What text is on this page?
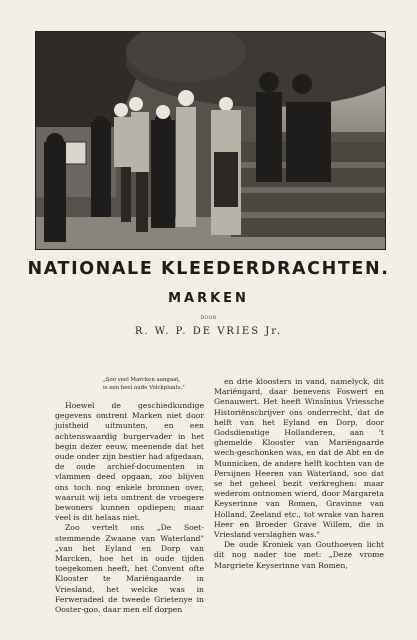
NATIONALE KLEEDERDRACHTEN.
MARKEN
DOOR
R. W. P. DE VRIES Jr.
„Soo veel Marcken aangaat,
is een heel oude Volckplants."

Hoewel de geschiedkundige gegevens omtrent Marken niet door juistheid uitmunten, en een achtenswaardig burgervader in het begin dezer eeuw, meenende dat het oude onder zijn bestier had afgedaan, de oude archief-documenten in vlammen deed opgaan, zoo blijven ons toch nog enkele bronnen over, waaruit wij iets omtrent de vroegere bewoners kunnen opdiepen; maar veel is dit helaas niet.

Zoo vertelt ons „De Soet-stemmende Zwaane van Waterland" „van het Eyland en Dorp van Marcken, hoe het in oude tijden toegekomen heeft, het Convent ofte Klooster te Mariëngaarde in Vriesland, het welcke was in Ferweradeel de tweede Grietenye in Ooster-goo, daar men elf dorpen

en drie kloosters in vand, namelyck, dit Mariëngard, daar benevens Foswert en Genauwert. Het heeft Winsînius Vriessche Historiënschrijver ons onderrecht, dat de helft van het Eyland en Dorp, door Godsdienstige Hollanderen, aan 't ghemelde Klooster van Mariëngaarde wech-geschonken was, en dat de Abt en de Munnicken, de andere helft kochten van de Persijnen Heeren van Waterland, soo dat se het geheel bezit verkreghen: maar wederom ontnomen wierd, door Margareta Keyserinne van Romen, Gravinne van Holland, Zeeland etc., tot wrake van haren Heer en Broeder Grave Willem, die in Vriesland verslaghen was."

De oude Kroniek van Gouthoeven licht dit nog nader toe met: „Deze vrome Margriete Keyserinne van Romen,
